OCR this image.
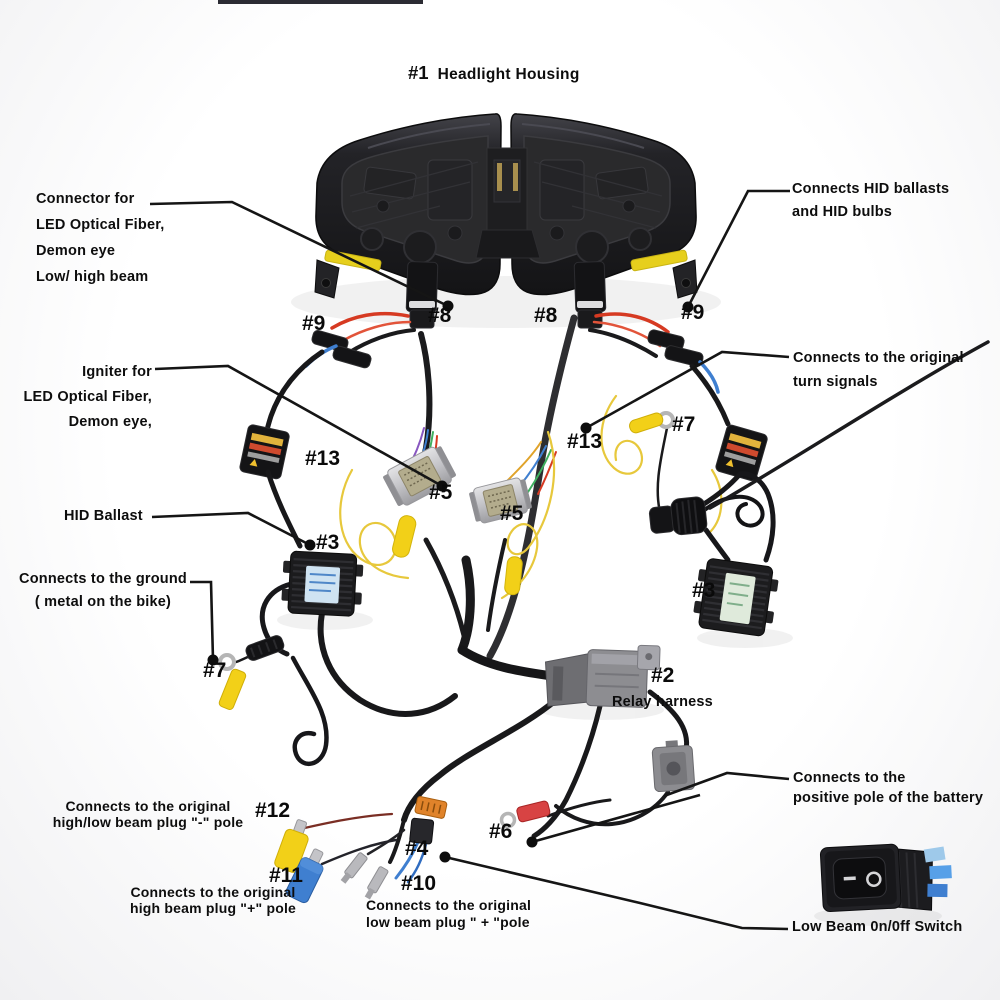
#1 Headlight Housing
Connector for
LED Optical Fiber,
Demon eye
Low/ high beam
Connects HID ballasts
and HID bulbs
Igniter for
LED Optical Fiber,
Demon eye,
Connects to the original
turn signals
HID Ballast
Connects to the ground
( metal on the bike)
Relay harness
Connects to the original
high/low beam plug "-" pole
Connects to the original
high beam plug "+" pole	Connects to the original
low beam plug " + "pole
Connects to the
positive pole of the battery
Low Beam 0n/0ff Switch
#9	#8	#8	#9
#13
#5
#5
#13
#7
#3
#3
#7	#2
#12
#11
#4
#6
#10
